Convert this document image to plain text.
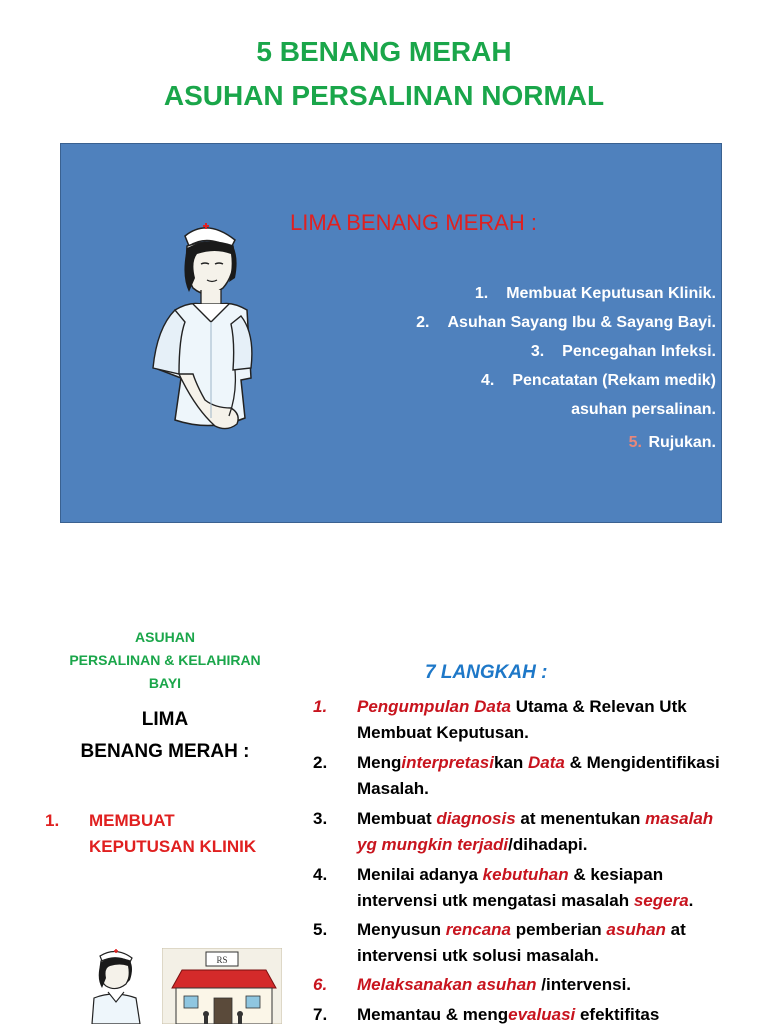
5 BENANG MERAH
ASUHAN PERSALINAN NORMAL
LIMA BENANG MERAH :
1. Membuat Keputusan Klinik.
2. Asuhan Sayang Ibu & Sayang Bayi.
3. Pencegahan Infeksi.
4. Pencatatan (Rekam medik)
asuhan persalinan.
5. Rujukan.
ASUHAN
PERSALINAN & KELAHIRAN
BAYI
LIMA
BENANG MERAH :
1. MEMBUAT
KEPUTUSAN KLINIK
RS
7 LANGKAH :
1. Pengumpulan Data Utama & Relevan Utk Membuat Keputusan.
2. Menginterpretasikan Data & Mengidentifikasi Masalah.
3. Membuat diagnosis at menentukan masalah yg mungkin terjadi/dihadapi.
4. Menilai adanya kebutuhan & kesiapan intervensi utk mengatasi masalah segera.
5. Menyusun rencana pemberian asuhan at intervensi utk solusi masalah.
6. Melaksanakan asuhan /intervensi.
7. Memantau & mengevaluasi efektifitas
